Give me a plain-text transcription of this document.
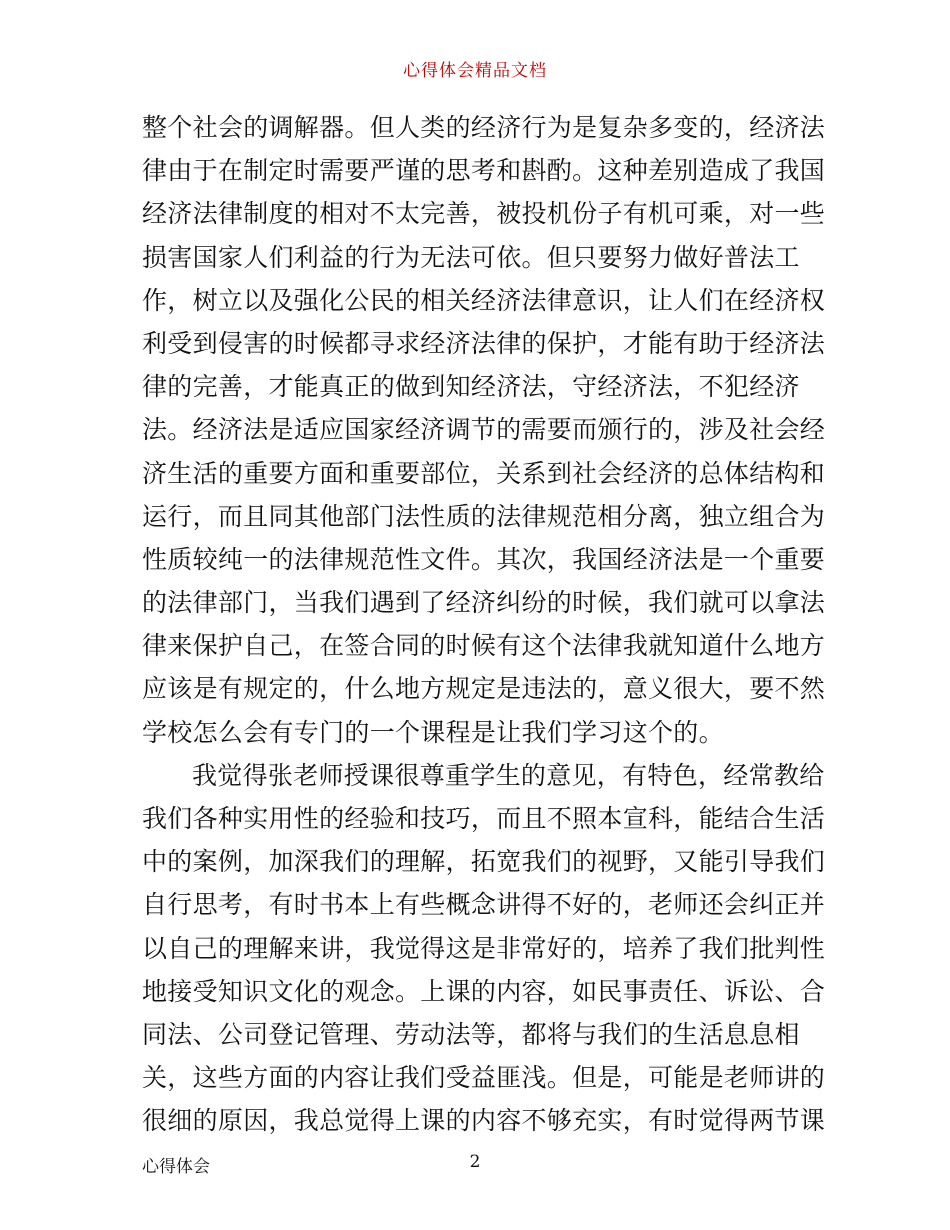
心得体会精品文档
整个社会的调解器。但人类的经济行为是复杂多变的，经济法
律由于在制定时需要严谨的思考和斟酌。这种差别造成了我国
经济法律制度的相对不太完善，被投机份子有机可乘，对一些
损害国家人们利益的行为无法可依。但只要努力做好普法工
作，树立以及强化公民的相关经济法律意识，让人们在经济权
利受到侵害的时候都寻求经济法律的保护，才能有助于经济法
律的完善，才能真正的做到知经济法，守经济法，不犯经济
法。经济法是适应国家经济调节的需要而颁行的，涉及社会经
济生活的重要方面和重要部位，关系到社会经济的总体结构和
运行，而且同其他部门法性质的法律规范相分离，独立组合为
性质较纯一的法律规范性文件。其次，我国经济法是一个重要
的法律部门，当我们遇到了经济纠纷的时候，我们就可以拿法
律来保护自己，在签合同的时候有这个法律我就知道什么地方
应该是有规定的，什么地方规定是违法的，意义很大，要不然
学校怎么会有专门的一个课程是让我们学习这个的。
我觉得张老师授课很尊重学生的意见，有特色，经常教给
我们各种实用性的经验和技巧，而且不照本宣科，能结合生活
中的案例，加深我们的理解，拓宽我们的视野，又能引导我们
自行思考，有时书本上有些概念讲得不好的，老师还会纠正并
以自己的理解来讲，我觉得这是非常好的，培养了我们批判性
地接受知识文化的观念。上课的内容，如民事责任、诉讼、合
同法、公司登记管理、劳动法等，都将与我们的生活息息相
关，这些方面的内容让我们受益匪浅。但是，可能是老师讲的
很细的原因，我总觉得上课的内容不够充实，有时觉得两节课
心得体会	2
